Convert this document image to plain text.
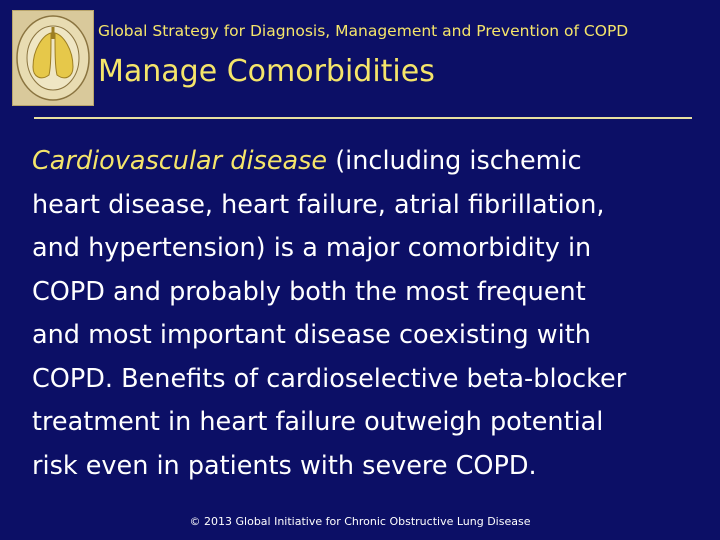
Global Strategy for Diagnosis, Management and Prevention of COPD
Manage Comorbidities
Cardiovascular disease (including ischemic
heart disease, heart failure, atrial fibrillation,
and hypertension) is a major comorbidity in
COPD and probably both the most frequent
and most important disease coexisting with
COPD. Benefits of cardioselective beta-blocker
treatment in heart failure outweigh potential
risk even in patients with severe COPD.
© 2013 Global Initiative for Chronic Obstructive Lung Disease
